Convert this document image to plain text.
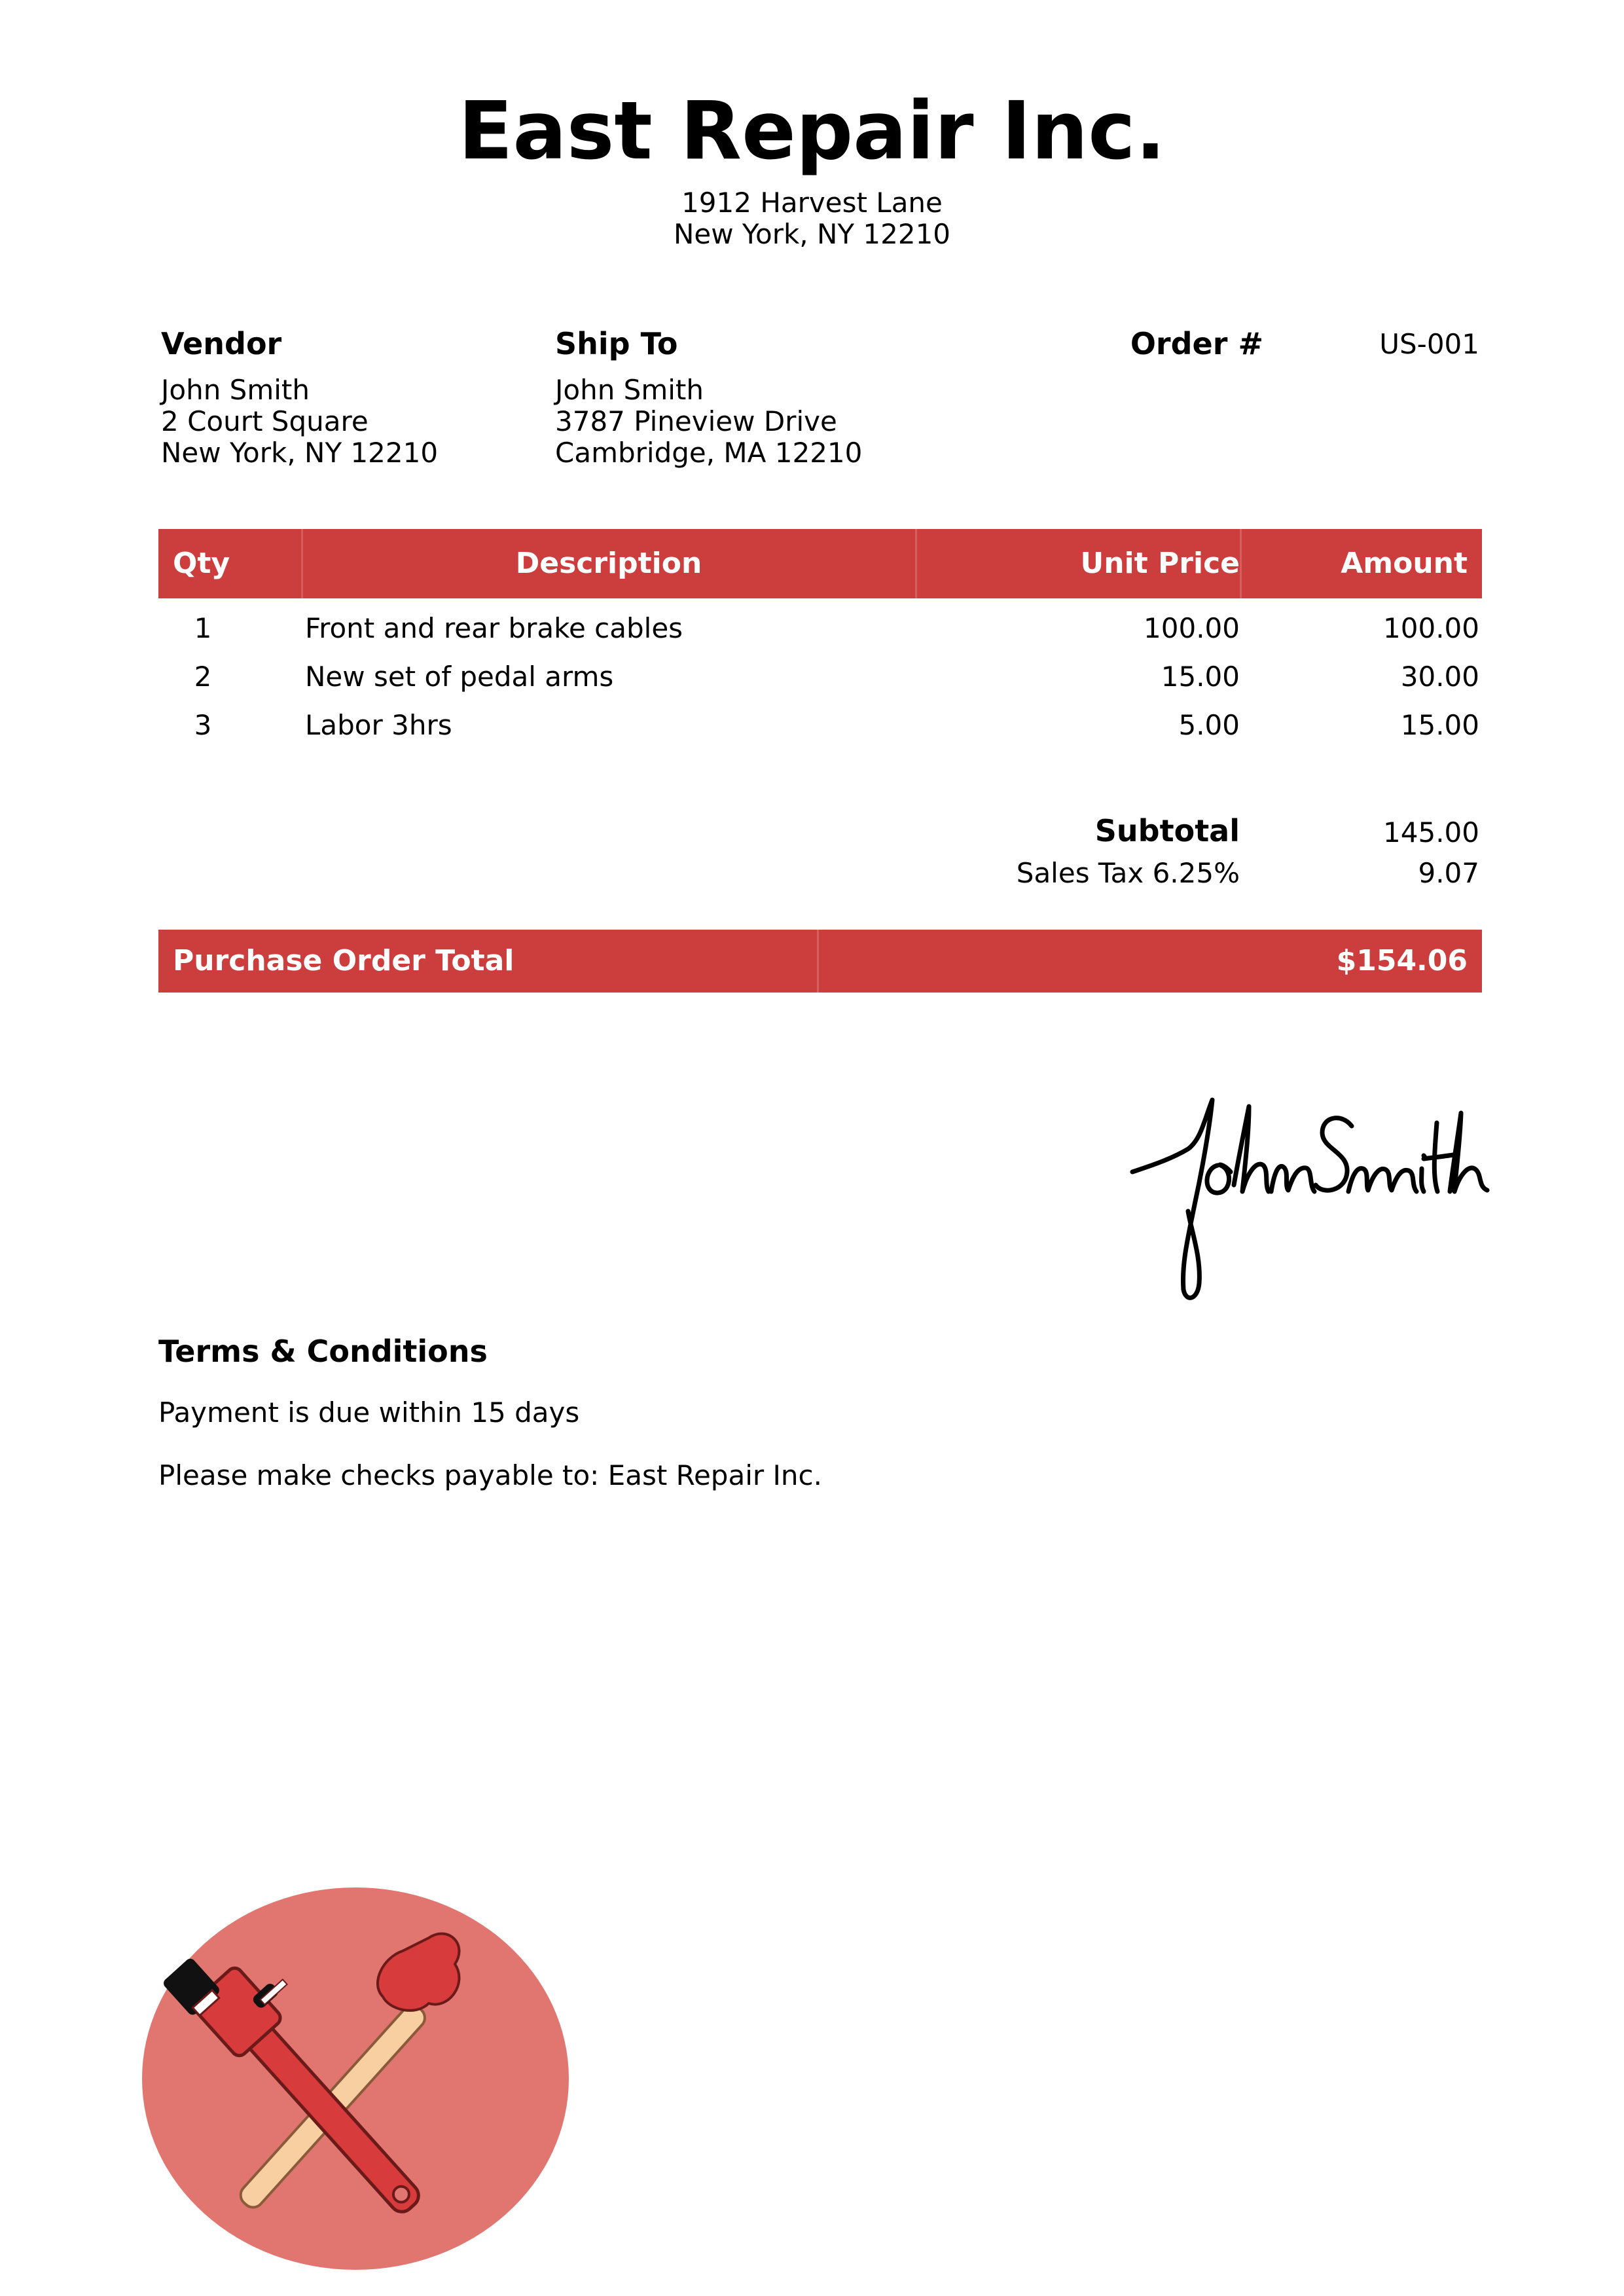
East Repair Inc.
1912 Harvest Lane
New York, NY 12210
Vendor
John Smith
2 Court Square
New York, NY 12210
Ship To
John Smith
3787 Pineview Drive
Cambridge, MA 12210
Order #	US-001
Qty	Description	Unit Price	Amount
1	Front and rear brake cables	100.00	100.00
2	New set of pedal arms	15.00	30.00
3	Labor 3hrs	5.00	15.00
Subtotal	145.00
Sales Tax 6.25%	9.07
Purchase Order Total	$154.06
Terms & Conditions
Payment is due within 15 days
Please make checks payable to: East Repair Inc.
